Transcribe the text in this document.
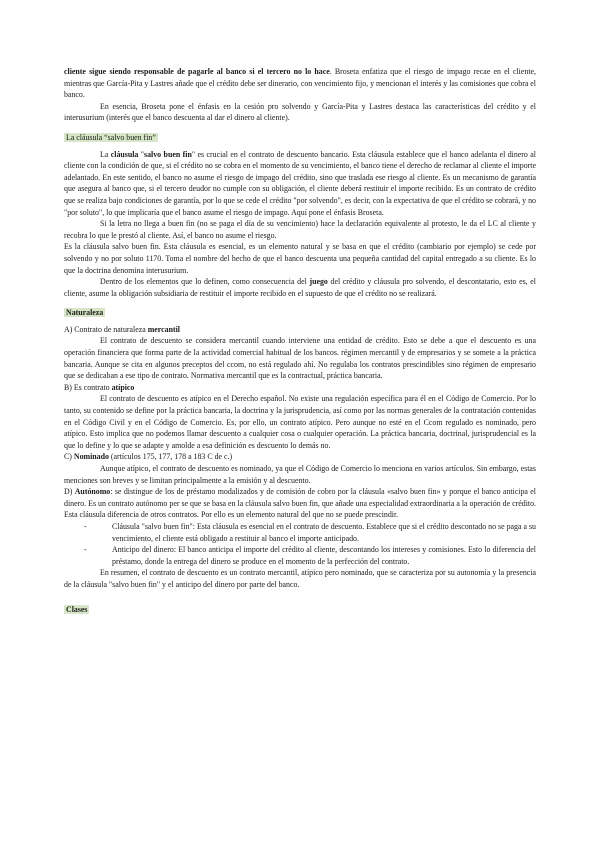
cliente sigue siendo responsable de pagarle al banco si el tercero no lo hace. Broseta enfatiza que el riesgo de impago recae en el cliente, mientras que García-Pita y Lastres añade que el crédito debe ser dinerario, con vencimiento fijo, y mencionan el interés y las comisiones que cobra el banco.

En esencia, Broseta pone el énfasis en la cesión pro solvendo y García-Pita y Lastres destaca las características del crédito y el interusurium (interés que el banco descuenta al dar el dinero al cliente).

La cláusula “salvo buen fin”

La cláusula "salvo buen fin" es crucial en el contrato de descuento bancario. Esta cláusula establece que el banco adelanta el dinero al cliente con la condición de que, si el crédito no se cobra en el momento de su vencimiento, el banco tiene el derecho de reclamar al cliente el importe adelantado. En este sentido, el banco no asume el riesgo de impago del crédito, sino que traslada ese riesgo al cliente. Es un mecanismo de garantía que asegura al banco que, si el tercero deudor no cumple con su obligación, el cliente deberá restituir el importe recibido. Es un contrato de crédito que se realiza bajo condiciones de garantía, por lo que se cede el crédito "por solvendo", es decir, con la expectativa de que el crédito se cobrará, y no "por soluto", lo que implicaría que el banco asume el riesgo de impago. Aquí pone el énfasis Broseta.

Si la letra no llega a buen fin (no se paga el día de su vencimiento) hace la declaración equivalente al protesto, le da el LC al cliente y recobra lo que le prestó al cliente. Así, el banco no asume el riesgo.

Es la cláusula salvo buen fin. Esta cláusula es esencial, es un elemento natural y se basa en que el crédito (cambiario por ejemplo) se cede por solvendo y no por soluto 1170. Toma el nombre del hecho de que el banco descuenta una pequeña cantidad del capital entregado a su cliente. Es lo que la doctrina denomina interusurium.

Dentro de los elementos que lo definen, como consecuencia del juego del crédito y cláusula pro solvendo, el descontatario, esto es, el cliente, asume la obligación subsidiaria de restituir el importe recibido en el supuesto de que el crédito no se realizará.

Naturaleza

A) Contrato de naturaleza mercantil

El contrato de descuento se considera mercantil cuando interviene una entidad de crédito. Esto se debe a que el descuento es una operación financiera que forma parte de la actividad comercial habitual de los bancos. régimen mercantil y de empresarios y se somete a la práctica bancaria. Aunque se cita en algunos preceptos del ccom, no está regulado ahí. No regulaba los contratos prescindibles sino régimen de empresario que se dedicaban a ese tipo de contrato. Normativa mercantil que es la contractual, práctica bancaria.

B) Es contrato atípico

El contrato de descuento es atípico en el Derecho español. No existe una regulación específica para él en el Código de Comercio. Por lo tanto, su contenido se define por la práctica bancaria, la doctrina y la jurisprudencia, así como por las normas generales de la contratación contenidas en el Código Civil y en el Código de Comercio. Es, por ello, un contrato atípico. Pero aunque no esté en el Ccom regulado es nominado, pero atípico. Esto implica que no podemos llamar descuento a cualquier cosa o cualquier operación. La práctica bancaria, doctrinal, jurisprudencial es la que lo define y lo que se adapte y amolde a esa definición es descuento lo demás no.

C) Nominado (artículos 175, 177, 178 a 183 C de c.)

Aunque atípico, el contrato de descuento es nominado, ya que el Código de Comercio lo menciona en varios artículos. Sin embargo, estas menciones son breves y se limitan principalmente a la emisión y al descuento.

D) Autónomo: se distingue de los de préstamo modalizados y de comisión de cobro por la cláusula «salvo buen fin» y porque el banco anticipa el dinero. Es un contrato autónomo per se que se basa en la cláusula salvo buen fin, que añade una especialidad extraordinaria a la operación de crédito. Esta cláusula diferencia de otros contratos. Por ello es un elemento natural del que no se puede prescindir.

-	Cláusula "salvo buen fin": Esta cláusula es esencial en el contrato de descuento. Establece que si el crédito descontado no se paga a su vencimiento, el cliente está obligado a restituir al banco el importe anticipado.
-	Anticipo del dinero: El banco anticipa el importe del crédito al cliente, descontando los intereses y comisiones. Esto lo diferencia del préstamo, donde la entrega del dinero se produce en el momento de la perfección del contrato.

En resumen, el contrato de descuento es un contrato mercantil, atípico pero nominado, que se caracteriza por su autonomía y la presencia de la cláusula "salvo buen fin" y el anticipo del dinero por parte del banco.

Clases
